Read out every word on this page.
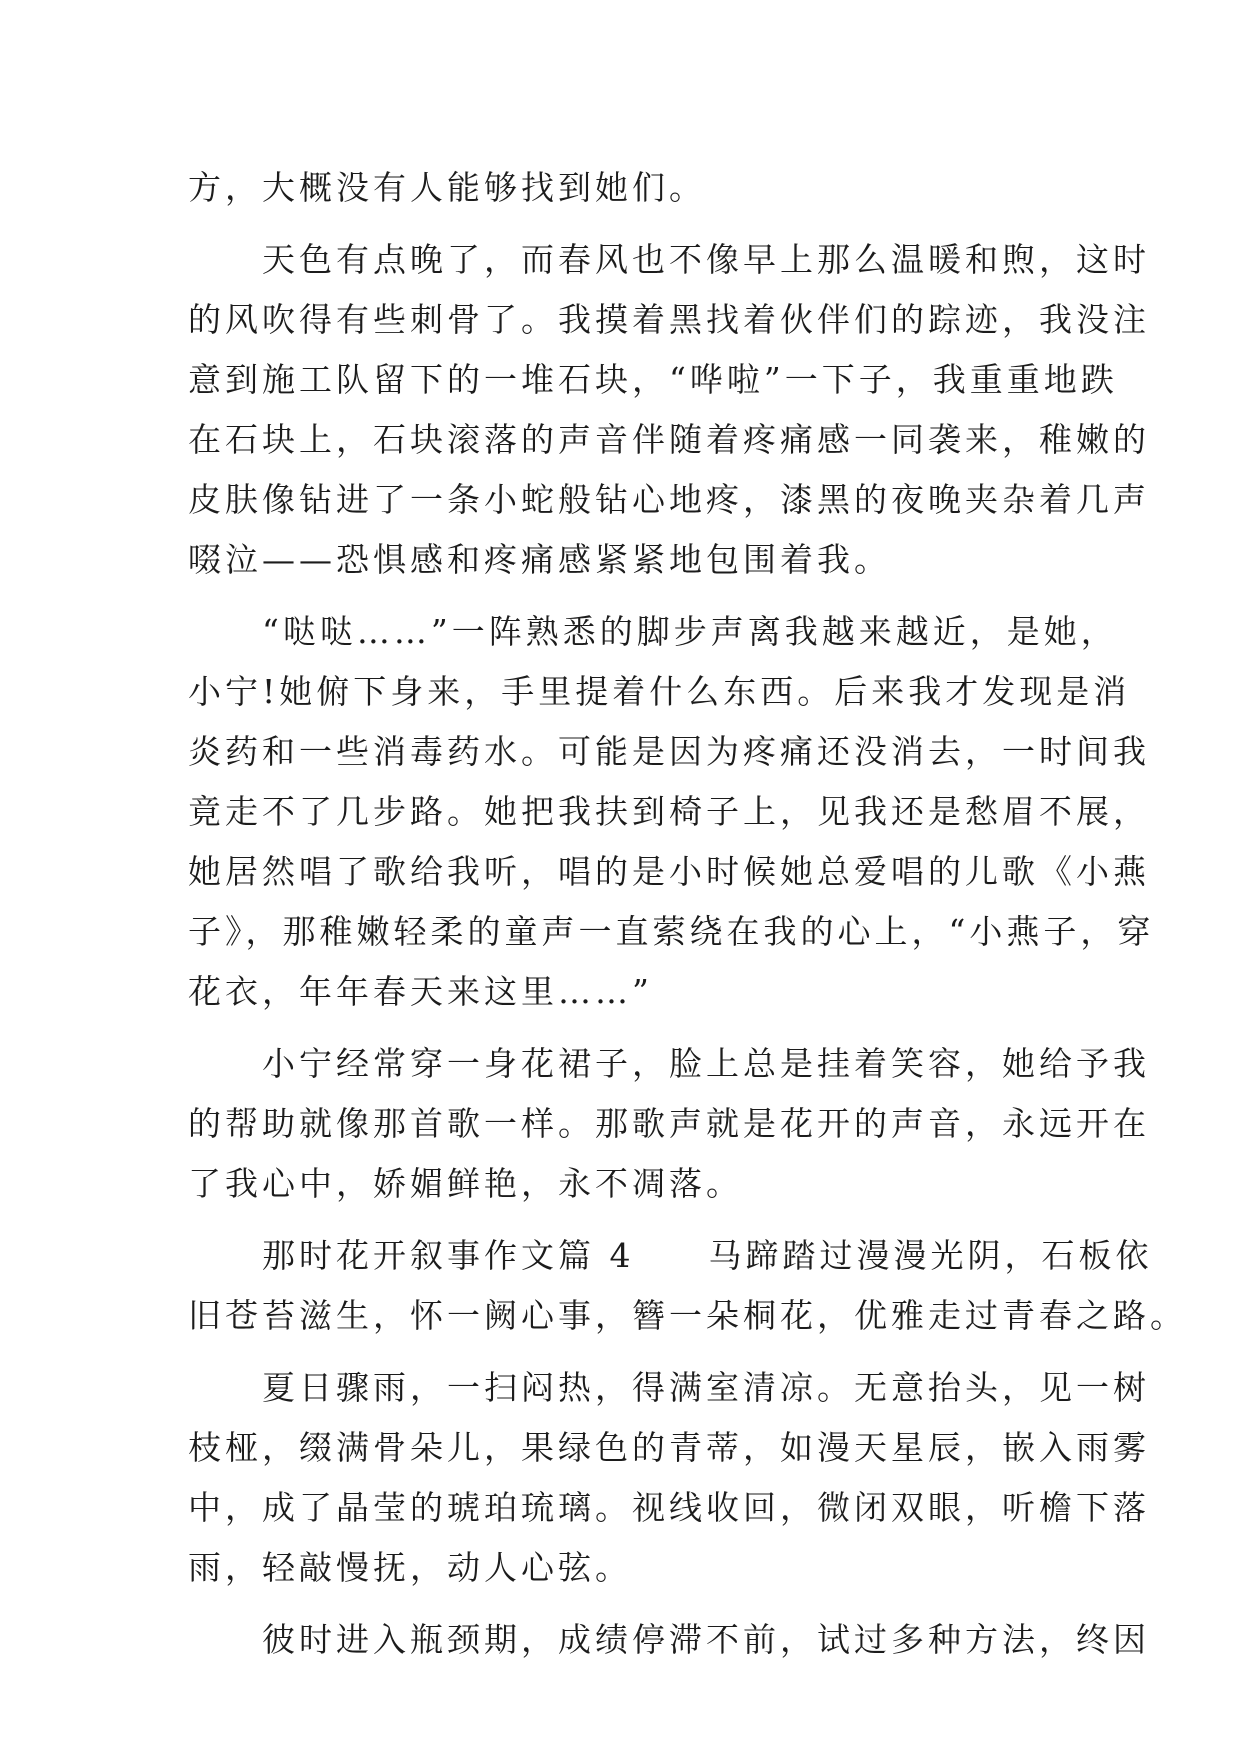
方，大概没有人能够找到她们。
　　天色有点晚了，而春风也不像早上那么温暖和煦，这时
的风吹得有些刺骨了。我摸着黑找着伙伴们的踪迹，我没注
意到施工队留下的一堆石块，“哗啦”一下子，我重重地跌
在石块上，石块滚落的声音伴随着疼痛感一同袭来，稚嫩的
皮肤像钻进了一条小蛇般钻心地疼，漆黑的夜晚夹杂着几声
啜泣——恐惧感和疼痛感紧紧地包围着我。
　　“哒哒……”一阵熟悉的脚步声离我越来越近，是她，
小宁!她俯下身来，手里提着什么东西。后来我才发现是消
炎药和一些消毒药水。可能是因为疼痛还没消去，一时间我
竟走不了几步路。她把我扶到椅子上，见我还是愁眉不展，
她居然唱了歌给我听，唱的是小时候她总爱唱的儿歌《小燕
子》，那稚嫩轻柔的童声一直萦绕在我的心上，“小燕子，穿
花衣，年年春天来这里……”
　　小宁经常穿一身花裙子，脸上总是挂着笑容，她给予我
的帮助就像那首歌一样。那歌声就是花开的声音，永远开在
了我心中，娇媚鲜艳，永不凋落。
　　那时花开叙事作文篇 4　　马蹄踏过漫漫光阴，石板依
旧苍苔滋生，怀一阙心事，簪一朵桐花，优雅走过青春之路。
　　夏日骤雨，一扫闷热，得满室清凉。无意抬头，见一树
枝桠，缀满骨朵儿，果绿色的青蒂，如漫天星辰，嵌入雨雾
中，成了晶莹的琥珀琉璃。视线收回，微闭双眼，听檐下落
雨，轻敲慢抚，动人心弦。
　　彼时进入瓶颈期，成绩停滞不前，试过多种方法，终因
